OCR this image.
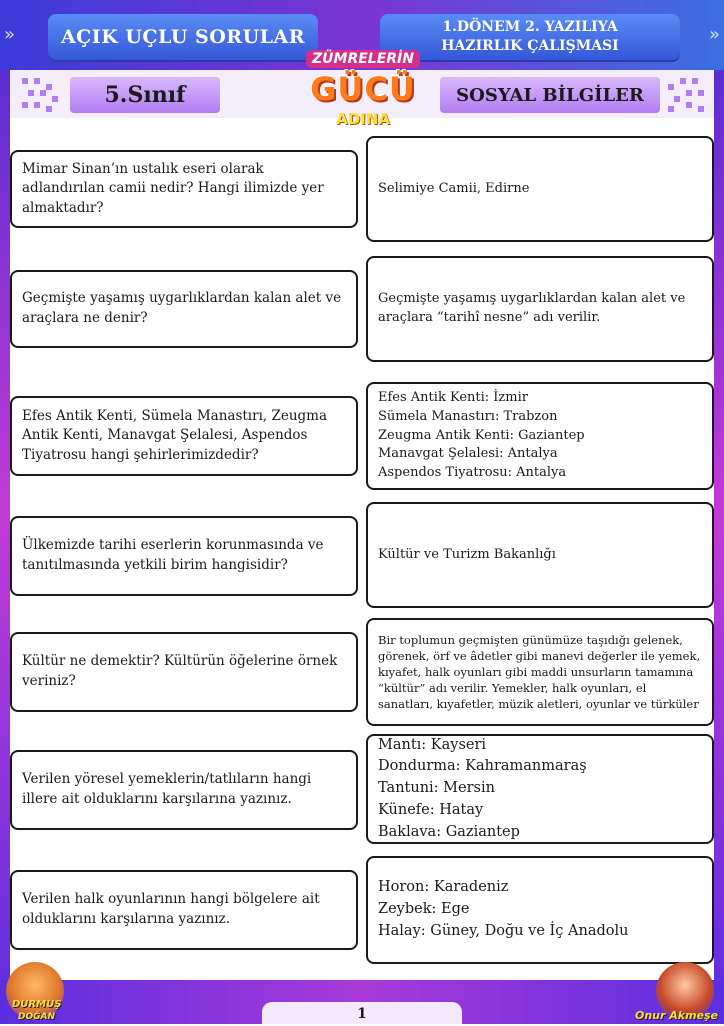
»	»
AÇIK UÇLU SORULAR	1.DÖNEM 2. YAZILIYA
HAZIRLIK ÇALIŞMASI
5.Sınıf	SOSYAL BİLGİLER
ZÜMRELERİN
GÜCÜ
ADINA
Mimar Sinan’ın ustalık eseri olarak adlandırılan camii nedir? Hangi ilimizde yer almaktadır?
Selimiye Camii, Edirne
Geçmişte yaşamış uygarlıklardan kalan alet ve araçlara ne denir?
Geçmişte yaşamış uygarlıklardan kalan alet ve araçlara “tarihî nesne” adı verilir.
Efes Antik Kenti, Sümela Manastırı, Zeugma Antik Kenti, Manavgat Şelalesi, Aspendos Tiyatrosu hangi şehirlerimizdedir?
Efes Antik Kenti: İzmir
Sümela Manastırı: Trabzon
Zeugma Antik Kenti: Gaziantep
Manavgat Şelalesi: Antalya
Aspendos Tiyatrosu: Antalya
Ülkemizde tarihi eserlerin korunmasında ve tanıtılmasında yetkili birim hangisidir?
Kültür ve Turizm Bakanlığı
Kültür ne demektir? Kültürün öğelerine örnek veriniz?
Bir toplumun geçmişten günümüze taşıdığı gelenek, görenek, örf ve âdetler gibi manevi değerler ile yemek, kıyafet, halk oyunları gibi maddi unsurların tamamına “kültür” adı verilir. Yemekler, halk oyunları, el sanatları, kıyafetler, müzik aletleri, oyunlar ve türküler
Verilen yöresel yemeklerin/tatlıların hangi illere ait olduklarını karşılarına yazınız.
Mantı: Kayseri
Dondurma: Kahramanmaraş
Tantuni: Mersin
Künefe: Hatay
Baklava: Gaziantep
Verilen halk oyunlarının hangi bölgelere ait olduklarını karşılarına yazınız.
Horon: Karadeniz
Zeybek: Ege
Halay: Güney, Doğu ve İç Anadolu
1
DURMUŞ
DOĞAN	Onur Akmeşe
